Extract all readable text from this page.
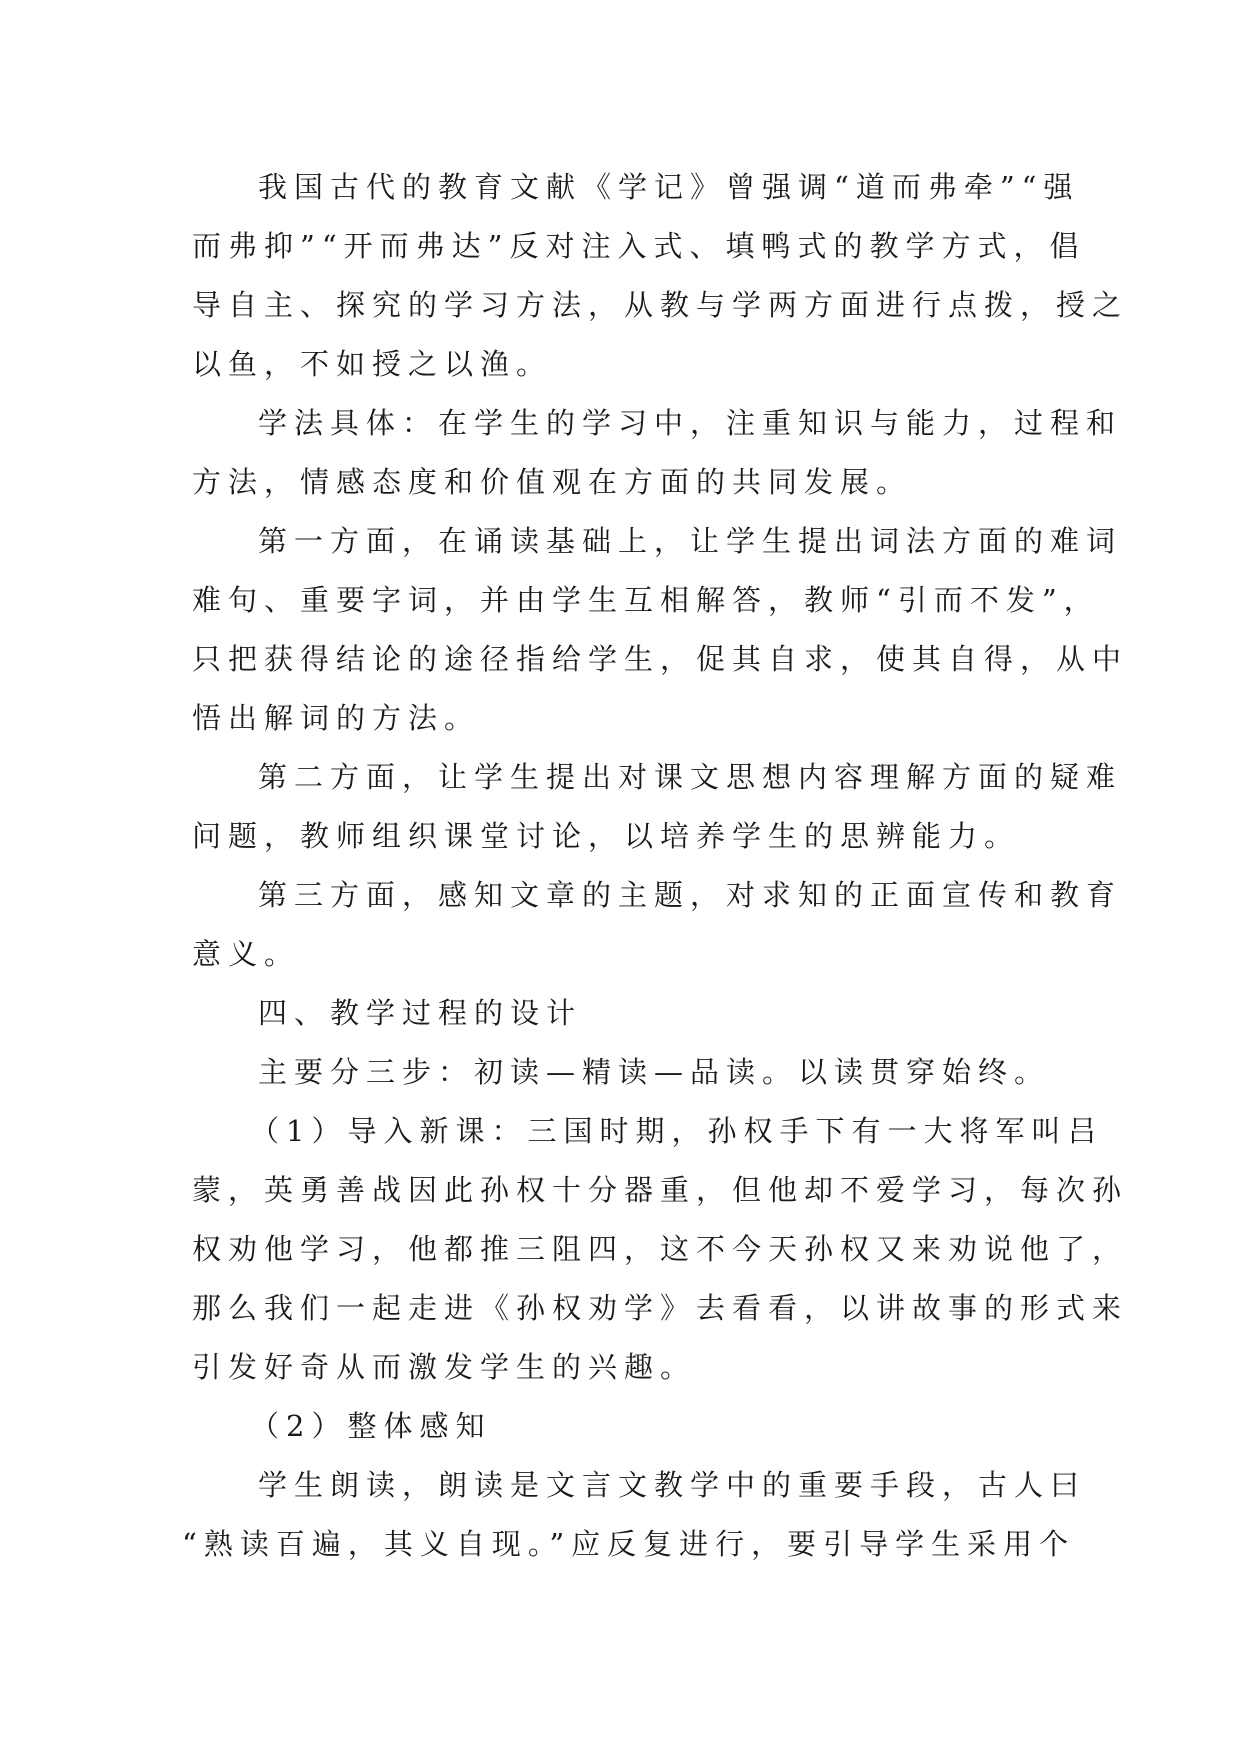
我国古代的教育文献《学记》曾强调“道而弗牵”“强
而弗抑”“开而弗达”反对注入式、填鸭式的教学方式，倡
导自主、探究的学习方法，从教与学两方面进行点拨，授之
以鱼，不如授之以渔。
学法具体：在学生的学习中，注重知识与能力，过程和
方法，情感态度和价值观在方面的共同发展。
第一方面，在诵读基础上，让学生提出词法方面的难词
难句、重要字词，并由学生互相解答，教师“引而不发”，
只把获得结论的途径指给学生，促其自求，使其自得，从中
悟出解词的方法。
第二方面，让学生提出对课文思想内容理解方面的疑难
问题，教师组织课堂讨论，以培养学生的思辨能力。
第三方面，感知文章的主题，对求知的正面宣传和教育
意义。
四、教学过程的设计
主要分三步：初读—精读—品读。以读贯穿始终。
（1）导入新课：三国时期，孙权手下有一大将军叫吕
蒙，英勇善战因此孙权十分器重，但他却不爱学习，每次孙
权劝他学习，他都推三阻四，这不今天孙权又来劝说他了，
那么我们一起走进《孙权劝学》去看看，以讲故事的形式来
引发好奇从而激发学生的兴趣。
（2）整体感知
学生朗读，朗读是文言文教学中的重要手段，古人曰
“熟读百遍，其义自现。”应反复进行，要引导学生采用个
